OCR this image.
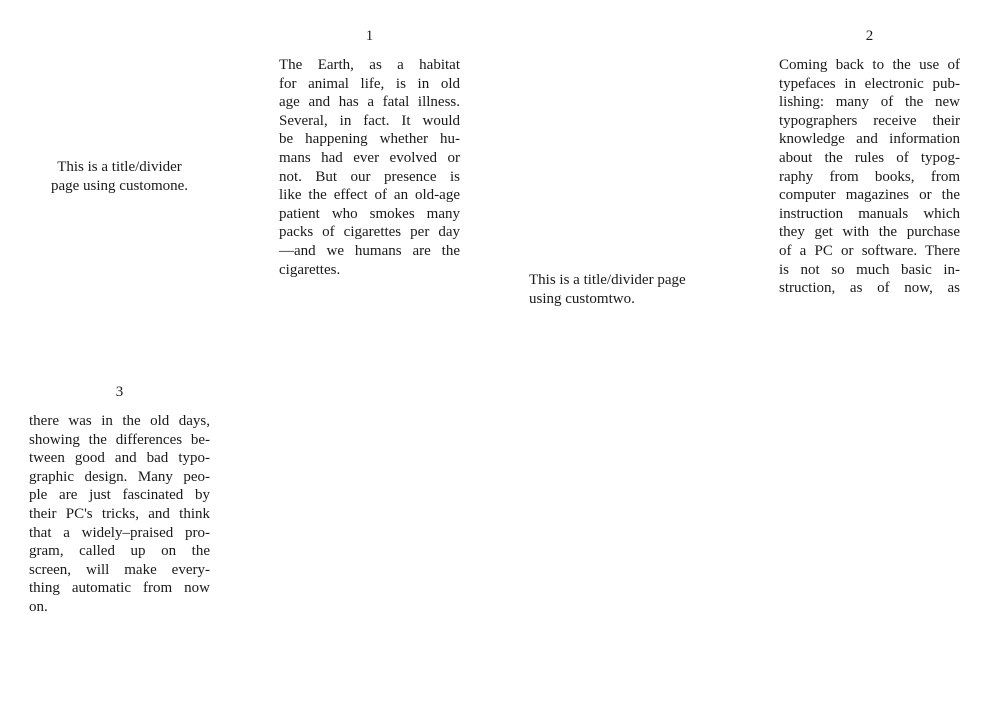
This is a title/divider
page using customone.
1
The Earth, as a habitat
for animal life, is in old
age and has a fatal illness.
Several, in fact. It would
be happening whether hu-
mans had ever evolved or
not. But our presence is
like the effect of an old-age
patient who smokes many
packs of cigarettes per day
—and we humans are the
cigarettes.
This is a title/divider page
using customtwo.
2
Coming back to the use of
typefaces in electronic pub-
lishing: many of the new
typographers receive their
knowledge and information
about the rules of typog-
raphy from books, from
computer magazines or the
instruction manuals which
they get with the purchase
of a PC or software. There
is not so much basic in-
struction, as of now, as
3
there was in the old days,
showing the differences be-
tween good and bad typo-
graphic design. Many peo-
ple are just fascinated by
their PC's tricks, and think
that a widely–praised pro-
gram, called up on the
screen, will make every-
thing automatic from now
on.
